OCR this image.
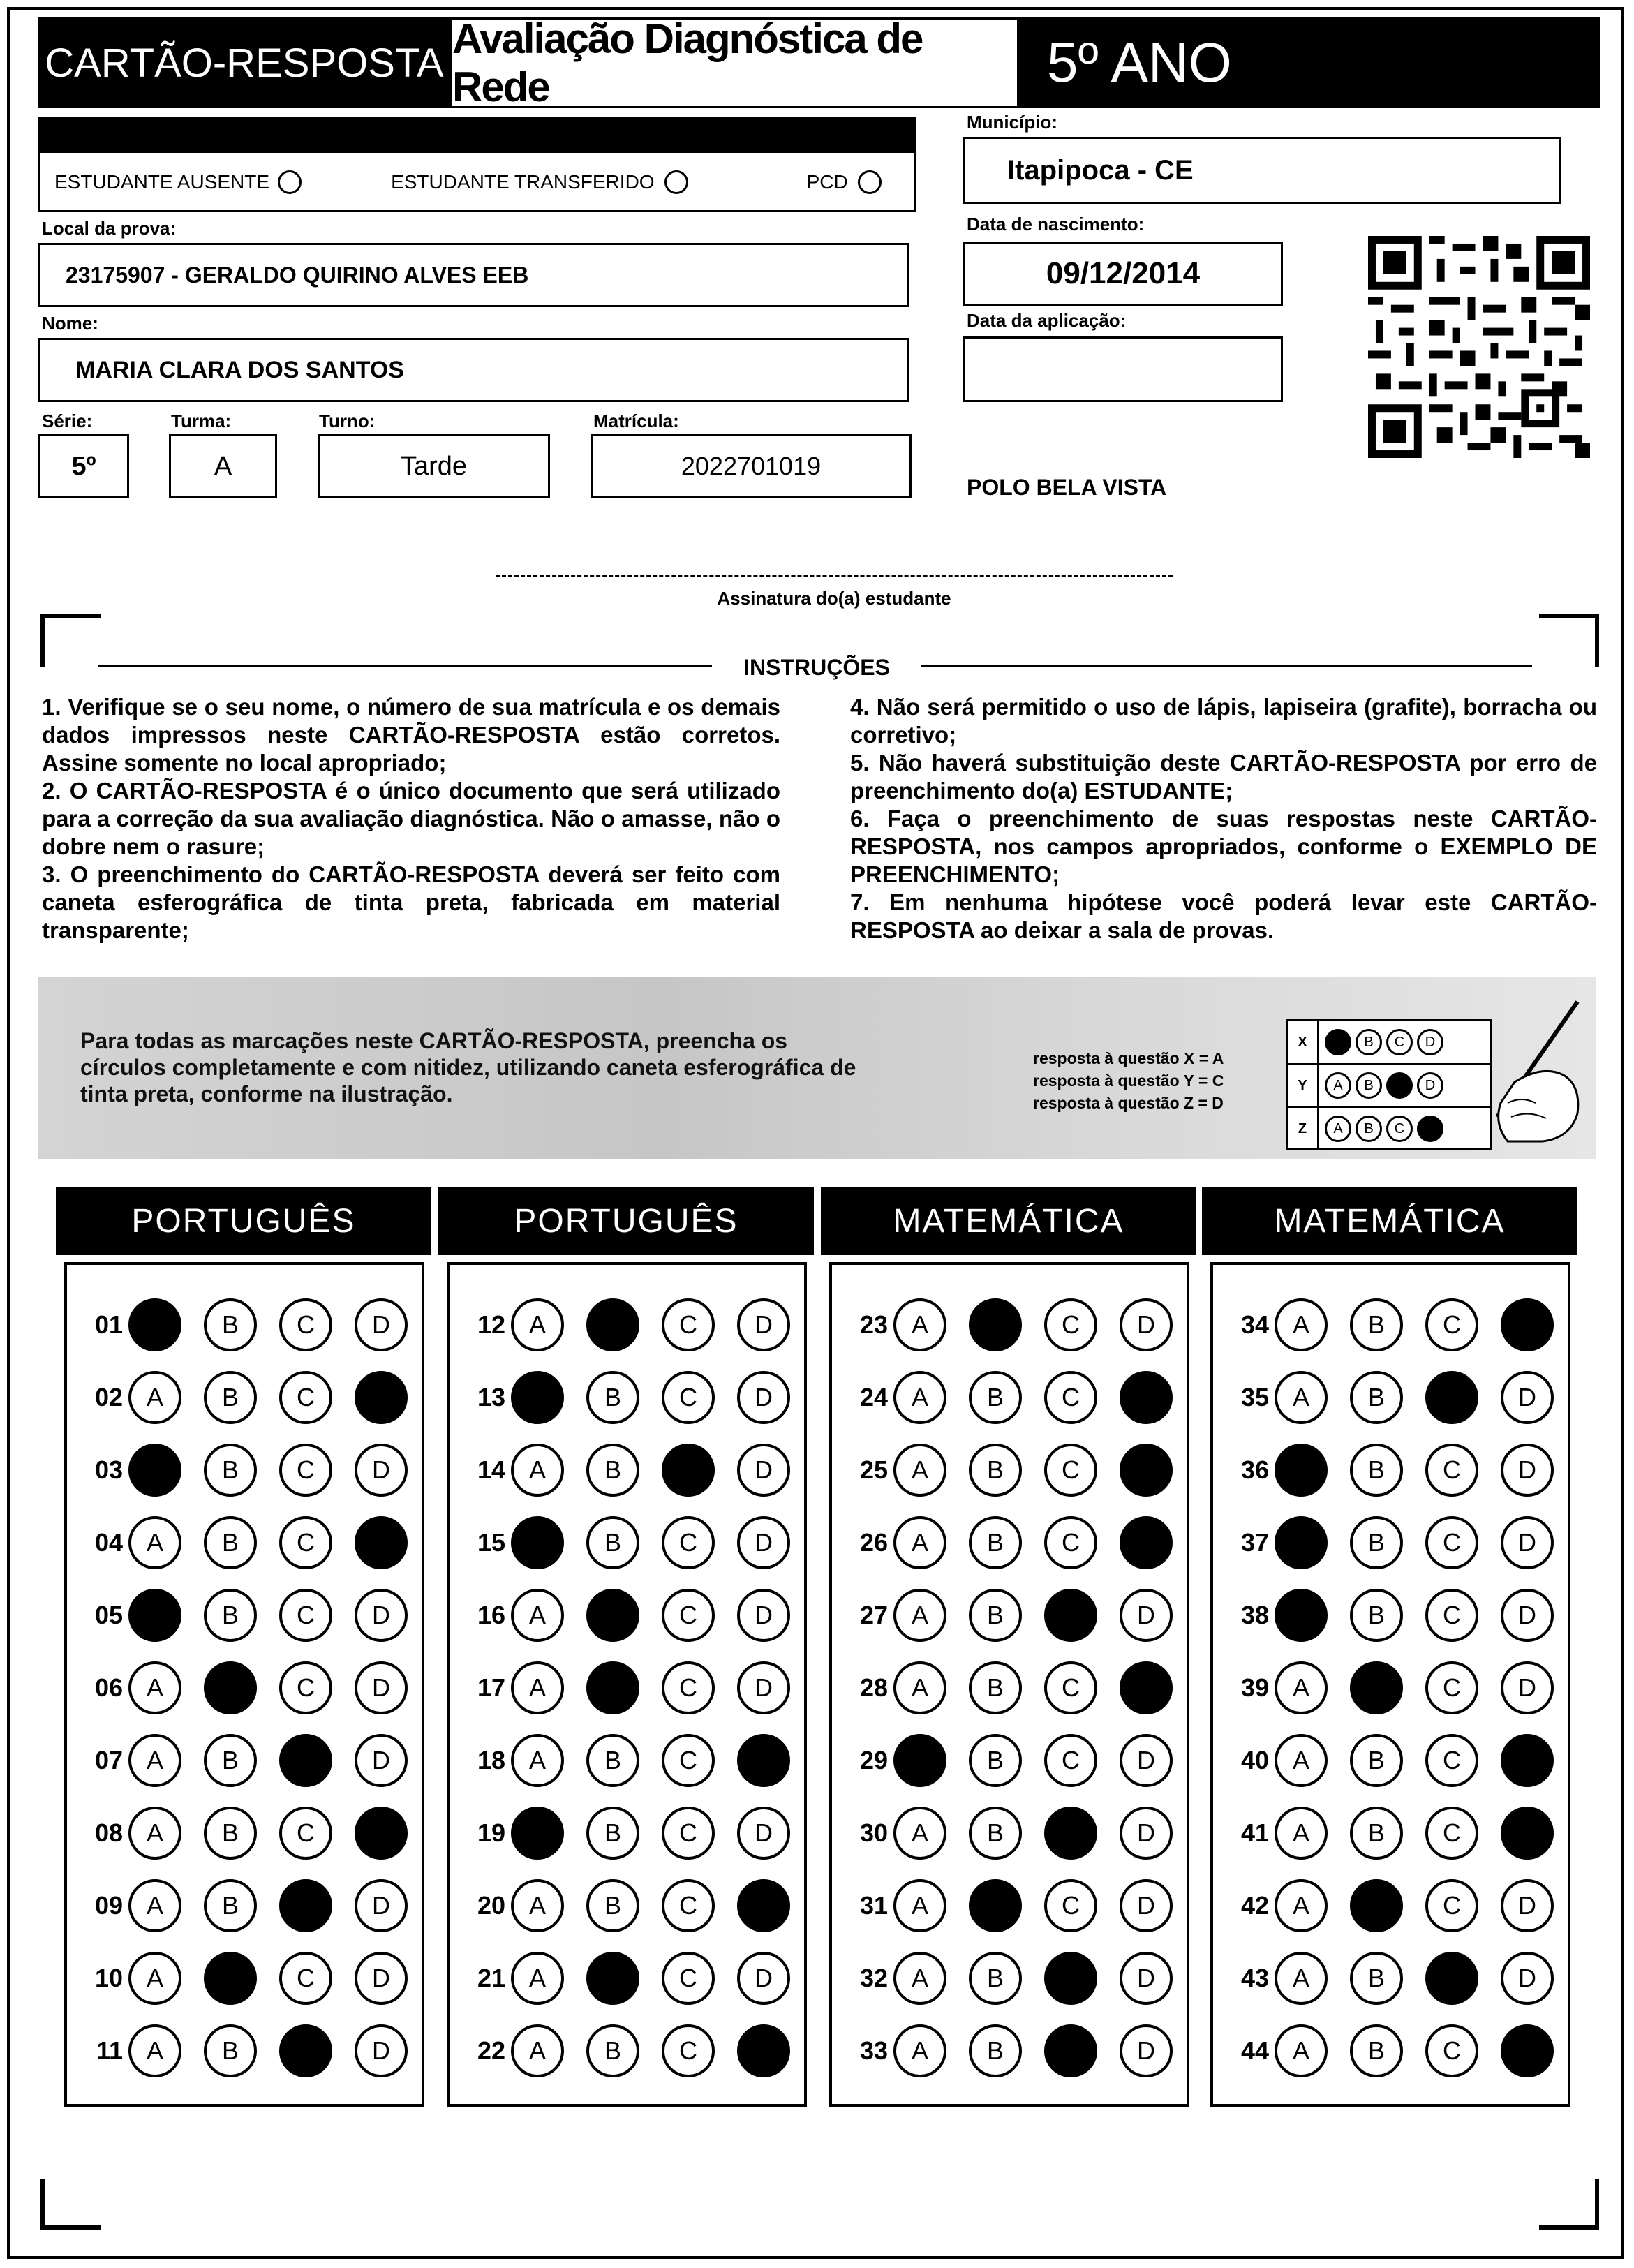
CARTÃO-RESPOSTA
Avaliação Diagnóstica de Rede	5º ANO
ESTUDANTE AUSENTE	ESTUDANTE TRANSFERIDO	PCD
Local da prova:
23175907 - GERALDO QUIRINO ALVES EEB
Nome:
MARIA CLARA DOS SANTOS
Série:
5º
Turma:
A
Turno:
Tarde
Matrícula:
2022701019
Município:
Itapipoca - CE
Data de nascimento:
09/12/2014
Data da aplicação:
POLO BELA VISTA
Assinatura do(a) estudante
INSTRUÇÕES
1. Verifique se o seu nome, o número de sua matrícula e os demais dados impressos neste CARTÃO-RESPOSTA estão corretos. Assine somente no local apropriado;
2. O CARTÃO-RESPOSTA é o único documento que será utilizado para a correção da sua avaliação diagnóstica. Não o amasse, não o dobre nem o rasure;
3. O preenchimento do CARTÃO-RESPOSTA deverá ser feito com caneta esferográfica de tinta preta, fabricada em material transparente;
4. Não será permitido o uso de lápis, lapiseira (grafite), borracha ou corretivo;
5. Não haverá substituição deste CARTÃO-RESPOSTA por erro de preenchimento do(a) ESTUDANTE;
6. Faça o preenchimento de suas respostas neste CARTÃO-RESPOSTA, nos campos apropriados, conforme o EXEMPLO DE PREENCHIMENTO;
7. Em nenhuma hipótese você poderá levar este CARTÃO-RESPOSTA ao deixar a sala de provas.
Para todas as marcações neste CARTÃO-RESPOSTA, preencha os círculos completamente e com nitidez, utilizando caneta esferográfica de tinta preta, conforme na ilustração.
resposta à questão X = A
resposta à questão Y = C
resposta à questão Z = D
X	B C D
Y	A B	D
Z	A B C
PORTUGUÊS
01	B C D
02 A B C
03	B C D
04 A B C
05	B C D
06 A	C D
07 A B	D
08 A B C
09 A B	D
10 A	C D
11 A B	D
PORTUGUÊS
12 A	C D
13	B C D
14 A B	D
15	B C D
16 A	C D
17 A	C D
18 A B C
19	B C D
20 A B C
21 A	C D
22 A B C
MATEMÁTICA
23 A	C D
24 A B C
25 A B C
26 A B C
27 A B	D
28 A B C
29	B C D
30 A B	D
31 A	C D
32 A B	D
33 A B	D
MATEMÁTICA
34 A B C
35 A B	D
36	B C D
37	B C D
38	B C D
39 A	C D
40 A B C
41 A B C
42 A	C D
43 A B	D
44 A B C
